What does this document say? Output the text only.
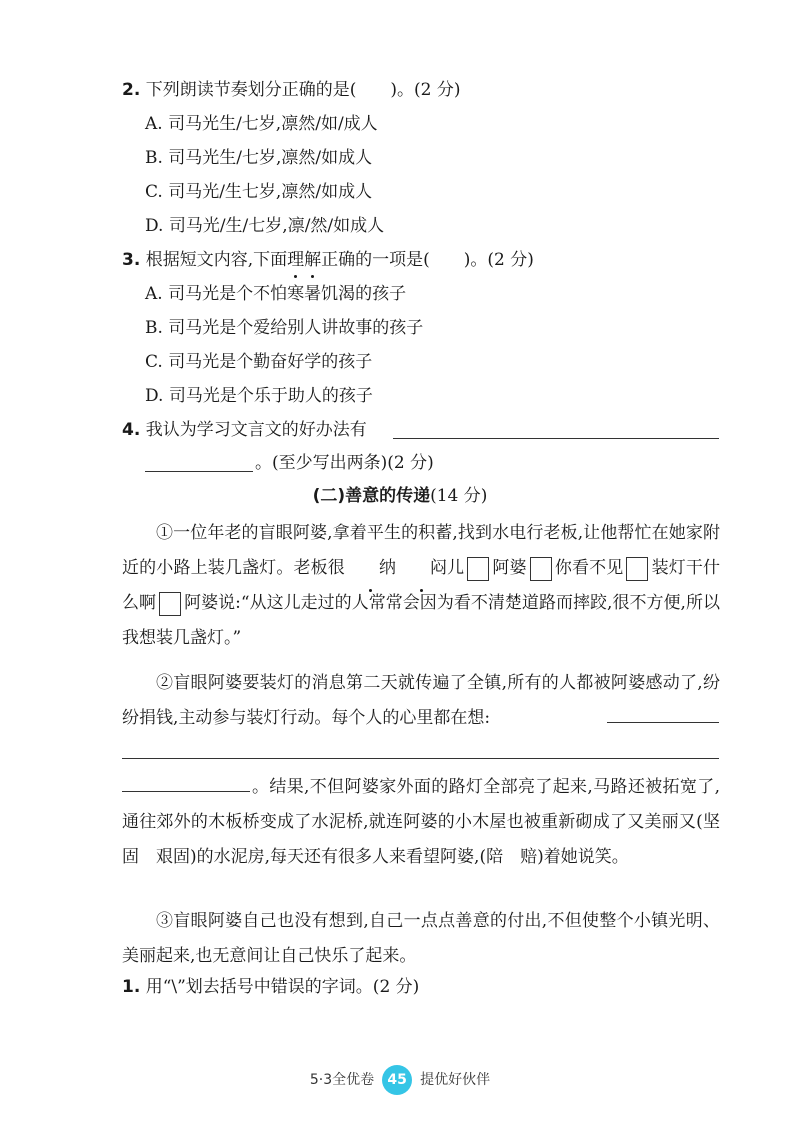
2. 下列朗读节奏划分正确的是(　　)。(2 分)
A. 司马光生/七岁,凛然/如/成人
B. 司马光生/七岁,凛然/如成人
C. 司马光/生七岁,凛然/如成人
D. 司马光/生/七岁,凛/然/如成人
3. 根据短文内容,下面理解正确的一项是(　　)。(2 分)
A. 司马光是个不怕寒暑饥渴的孩子
B. 司马光是个爱给别人讲故事的孩子
C. 司马光是个勤奋好学的孩子
D. 司马光是个乐于助人的孩子
4. 我认为学习文言文的好办法有
。(至少写出两条)(2 分)
(二)善意的传递(14 分)
①一位年老的盲眼阿婆,拿着平生的积蓄,找到水电行老板,让他帮忙在她家附近的小路上装几盏灯。老板很 纳 闷儿 阿婆 你看不见 装灯干什么啊 阿婆说:“从这儿走过的人常常会因为看不清楚道路而摔跤,很不方便,所以我想装几盏灯。”
②盲眼阿婆要装灯的消息第二天就传遍了全镇,所有的人都被阿婆感动了,纷纷捐钱,主动参与装灯行动。每个人的心里都在想:
。结果,不但阿婆家外面的路灯全部亮了起来,马路还被拓宽了,通往郊外的木板桥变成了水泥桥,就连阿婆的小木屋也被重新砌成了又美丽又(坚固　艰固)的水泥房,每天还有很多人来看望阿婆,(陪　赔)着她说笑。
③盲眼阿婆自己也没有想到,自己一点点善意的付出,不但使整个小镇光明、美丽起来,也无意间让自己快乐了起来。
1. 用“\”划去括号中错误的字词。(2 分)
5·3全优卷 45 提优好伙伴
